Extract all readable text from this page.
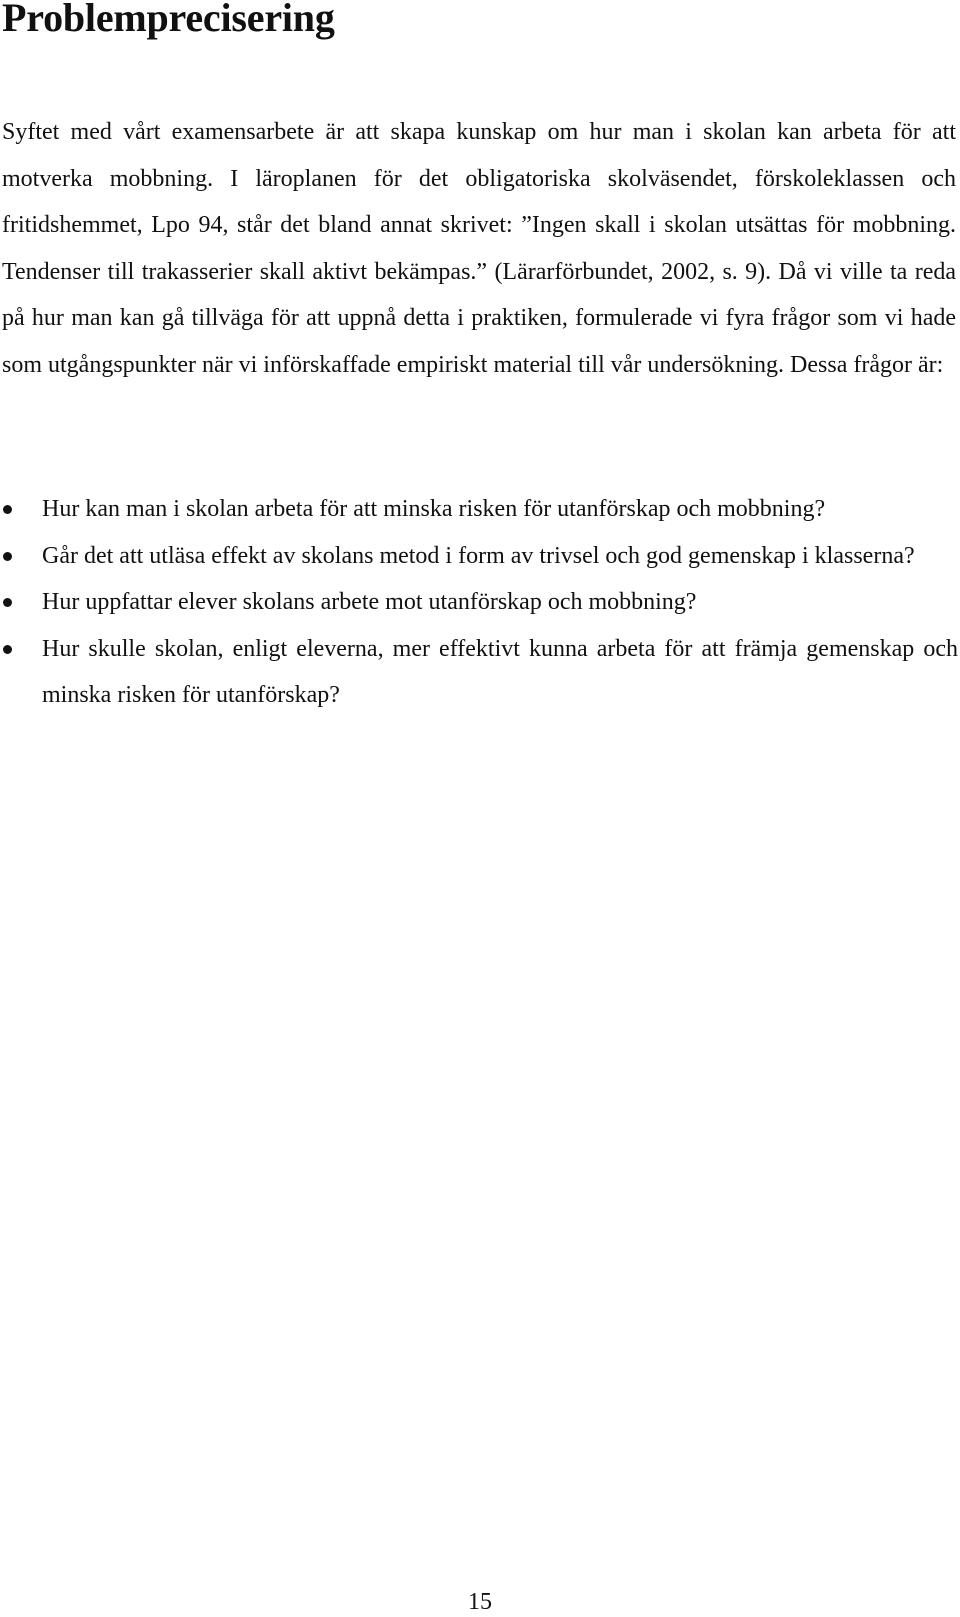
Problemprecisering

Syftet med vårt examensarbete är att skapa kunskap om hur man i skolan kan arbeta för att motverka mobbning. I läroplanen för det obligatoriska skolväsendet, förskoleklassen och fritidshemmet, Lpo 94, står det bland annat skrivet: ”Ingen skall i skolan utsättas för mobbning. Tendenser till trakasserier skall aktivt bekämpas.” (Lärarförbundet, 2002, s. 9). Då vi ville ta reda på hur man kan gå tillväga för att uppnå detta i praktiken, formulerade vi fyra frågor som vi hade som utgångspunkter när vi införskaffade empiriskt material till vår undersökning. Dessa frågor är:

Hur kan man i skolan arbeta för att minska risken för utanförskap och mobbning?
Går det att utläsa effekt av skolans metod i form av trivsel och god gemenskap i klasserna?
Hur uppfattar elever skolans arbete mot utanförskap och mobbning?
Hur skulle skolan, enligt eleverna, mer effektivt kunna arbeta för att främja gemenskap och minska risken för utanförskap?
15
